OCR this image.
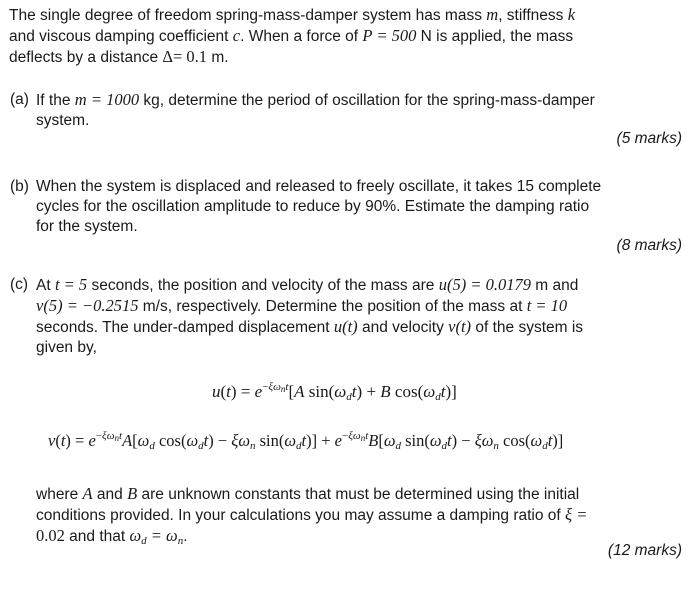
The single degree of freedom spring-mass-damper system has mass m, stiffness k
and viscous damping coefficient c. When a force of P = 500 N is applied, the mass
deflects by a distance Δ= 0.1 m.
(a) If the m = 1000 kg, determine the period of oscillation for the spring-mass-damper
system.
(5 marks)
(b) When the system is displaced and released to freely oscillate, it takes 15 complete
cycles for the oscillation amplitude to reduce by 90%. Estimate the damping ratio
for the system.
(8 marks)
(c) At t = 5 seconds, the position and velocity of the mass are u(5) = 0.0179 m and
v(5) = −0.2515 m/s, respectively. Determine the position of the mass at t = 10
seconds. The under-damped displacement u(t) and velocity v(t) of the system is
given by,
$u(t) = e^{-\xi\omega_nt}[A$ $\sin(\omega_dt) + B$ $\cos(\omega_dt)$]
$v(t) = e^{-\xi\omega_nt}A[\omega_d$ $\cos(\omega_dt) - \xi\omega_n$ $\sin(\omega_dt)] + e^{-\xi\omega_nt}B[\omega_d$ $\sin(\omega_dt) - \xi\omega_n$ $\cos(\omega_dt)$]
where A and B are unknown constants that must be determined using the initial
conditions provided. In your calculations you may assume a damping ratio of ξ =
0.02 and that $\omega_d = \omega_n$.
(12 marks)
